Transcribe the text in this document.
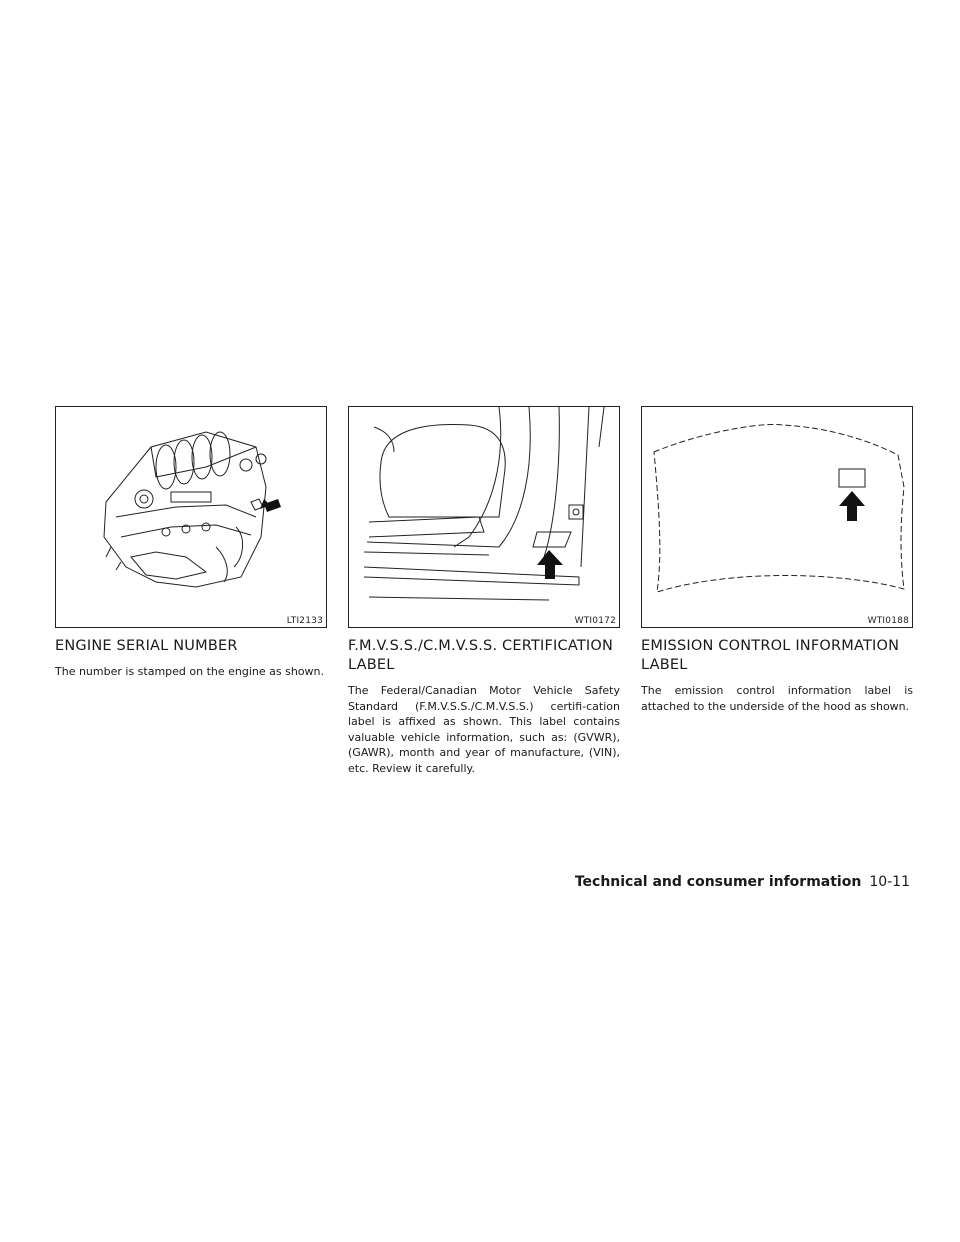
LTI2133
ENGINE SERIAL NUMBER

The number is stamped on the engine as shown.

WTI0172
F.M.V.S.S./C.M.V.S.S. CERTIFICATION LABEL

The Federal/Canadian Motor Vehicle Safety Standard (F.M.V.S.S./C.M.V.S.S.) certifi-cation label is affixed as shown. This label contains valuable vehicle information, such as: (GVWR), (GAWR), month and year of manufacture, (VIN), etc. Review it carefully.

WTI0188
EMISSION CONTROL INFORMATION LABEL

The emission control information label is attached to the underside of the hood as shown.

Technical and consumer information 10-11
